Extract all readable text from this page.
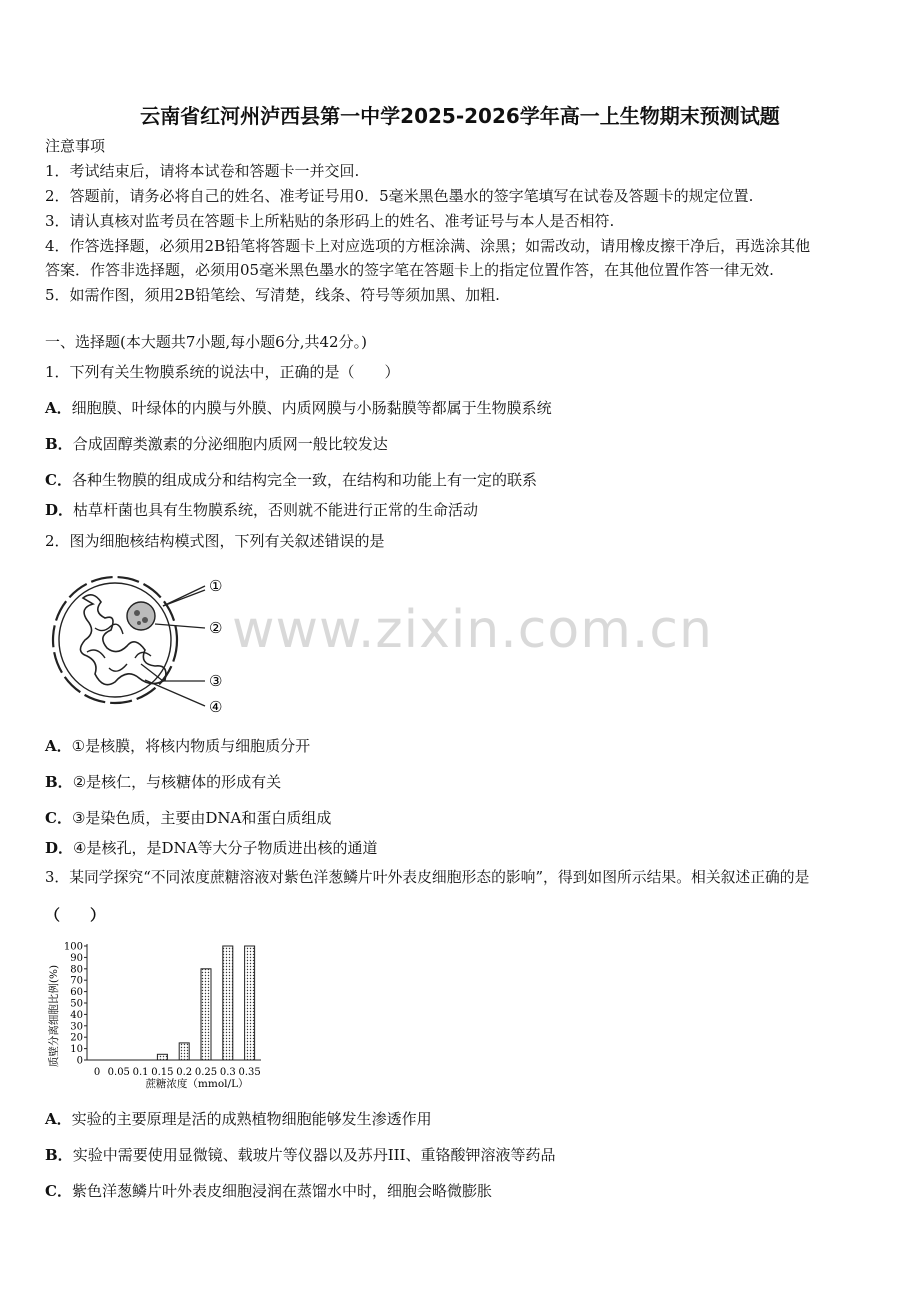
云南省红河州泸西县第一中学2025-2026学年高一上生物期末预测试题
注意事项
1．考试结束后，请将本试卷和答题卡一并交回.
2．答题前，请务必将自己的姓名、准考证号用0．5毫米黑色墨水的签字笔填写在试卷及答题卡的规定位置.
3．请认真核对监考员在答题卡上所粘贴的条形码上的姓名、准考证号与本人是否相符.
4．作答选择题，必须用2B铅笔将答题卡上对应选项的方框涂满、涂黑；如需改动，请用橡皮擦干净后，再选涂其他
答案．作答非选择题，必须用05毫米黑色墨水的签字笔在答题卡上的指定位置作答，在其他位置作答一律无效.
5．如需作图，须用2B铅笔绘、写清楚，线条、符号等须加黑、加粗.
一、选择题(本大题共7小题,每小题6分,共42分。)
1．下列有关生物膜系统的说法中，正确的是（　　）
A．细胞膜、叶绿体的内膜与外膜、内质网膜与小肠黏膜等都属于生物膜系统
B．合成固醇类激素的分泌细胞内质网一般比较发达
C．各种生物膜的组成成分和结构完全一致，在结构和功能上有一定的联系
D．枯草杆菌也具有生物膜系统，否则就不能进行正常的生命活动
2．图为细胞核结构模式图，下列有关叙述错误的是
①
②
③
④
www.zixin.com.cn
A．①是核膜，将核内物质与细胞质分开
B．②是核仁，与核糖体的形成有关
C．③是染色质，主要由DNA和蛋白质组成
D．④是核孔，是DNA等大分子物质进出核的通道
3．某同学探究“不同浓度蔗糖溶液对紫色洋葱鳞片叶外表皮细胞形态的影响”，得到如图所示结果。相关叙述正确的是
（　　）
质壁分离细胞比例(%) 0
10
20
30
40
50
60
70
80
90
100
0 0.05 0.1 0.15 0.2 0.25 0.3 0.35
蔗糖浓度（mmol/L）
A．实验的主要原理是活的成熟植物细胞能够发生渗透作用
B．实验中需要使用显微镜、载玻片等仪器以及苏丹III、重铬酸钾溶液等药品
C．紫色洋葱鳞片叶外表皮细胞浸润在蒸馏水中时，细胞会略微膨胀
